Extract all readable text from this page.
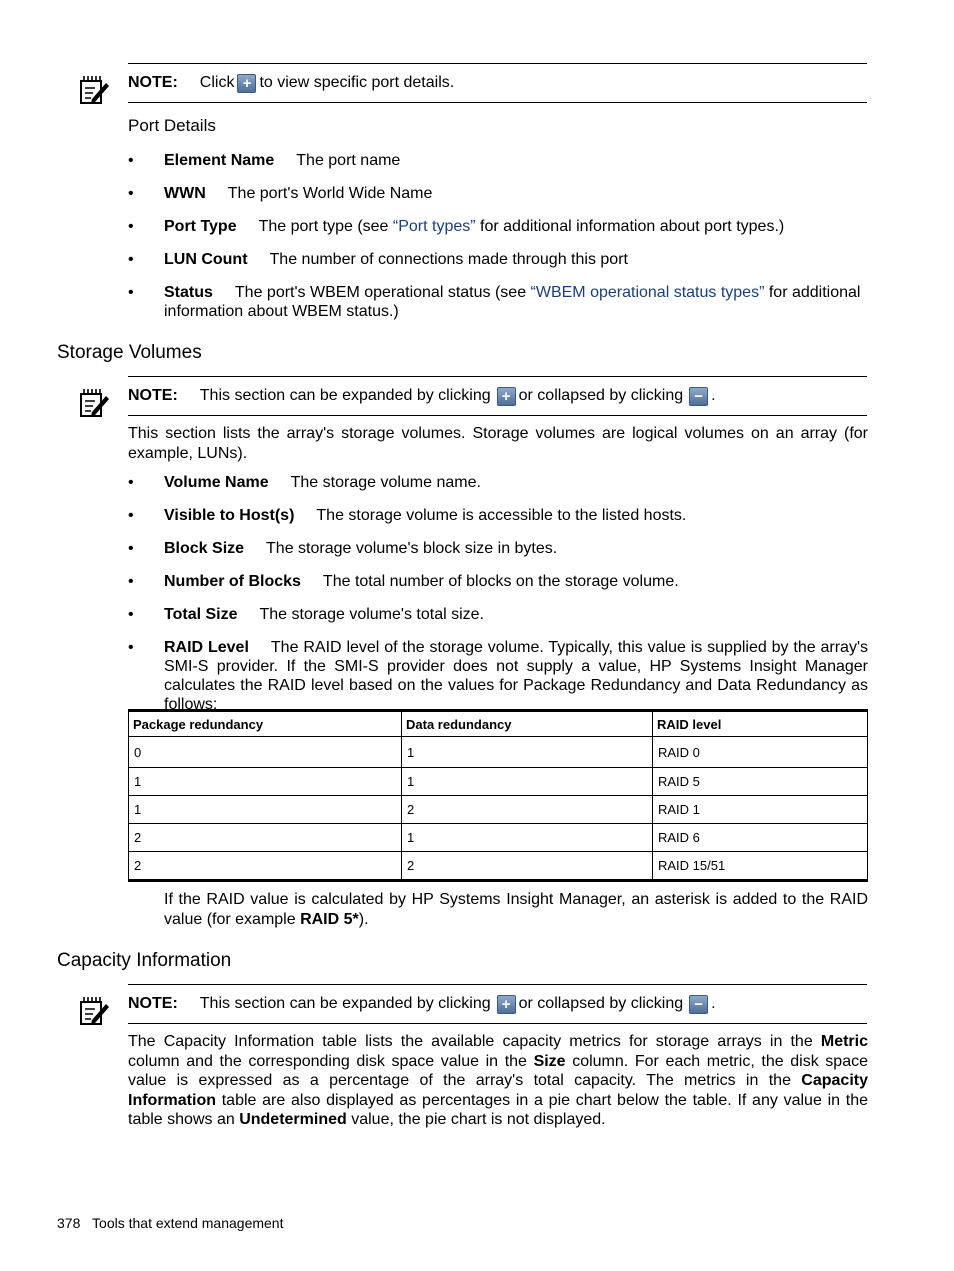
NOTE: Click + to view specific port details.
Port Details
• Element Name The port name
• WWN The port's World Wide Name
• Port Type The port type (see “Port types” for additional information about port types.)
• LUN Count The number of connections made through this port
• Status The port's WBEM operational status (see “WBEM operational status types” for additional information about WBEM status.)
Storage Volumes
NOTE: This section can be expanded by clicking + or collapsed by clicking − .
This section lists the array's storage volumes. Storage volumes are logical volumes on an array (for example, LUNs).
• Volume Name The storage volume name.
• Visible to Host(s) The storage volume is accessible to the listed hosts.
• Block Size The storage volume's block size in bytes.
• Number of Blocks The total number of blocks on the storage volume.
• Total Size The storage volume's total size.
• RAID Level The RAID level of the storage volume. Typically, this value is supplied by the array's SMI-S provider. If the SMI-S provider does not supply a value, HP Systems Insight Manager calculates the RAID level based on the values for Package Redundancy and Data Redundancy as follows:
Package redundancy	Data redundancy	RAID level
0	1	RAID 0
1	1	RAID 5
1	2	RAID 1
2	1	RAID 6
2	2	RAID 15/51
If the RAID value is calculated by HP Systems Insight Manager, an asterisk is added to the RAID value (for example RAID 5*).
Capacity Information
NOTE: This section can be expanded by clicking + or collapsed by clicking − .
The Capacity Information table lists the available capacity metrics for storage arrays in the Metric column and the corresponding disk space value in the Size column. For each metric, the disk space value is expressed as a percentage of the array's total capacity. The metrics in the Capacity Information table are also displayed as percentages in a pie chart below the table. If any value in the table shows an Undetermined value, the pie chart is not displayed.
378 Tools that extend management
